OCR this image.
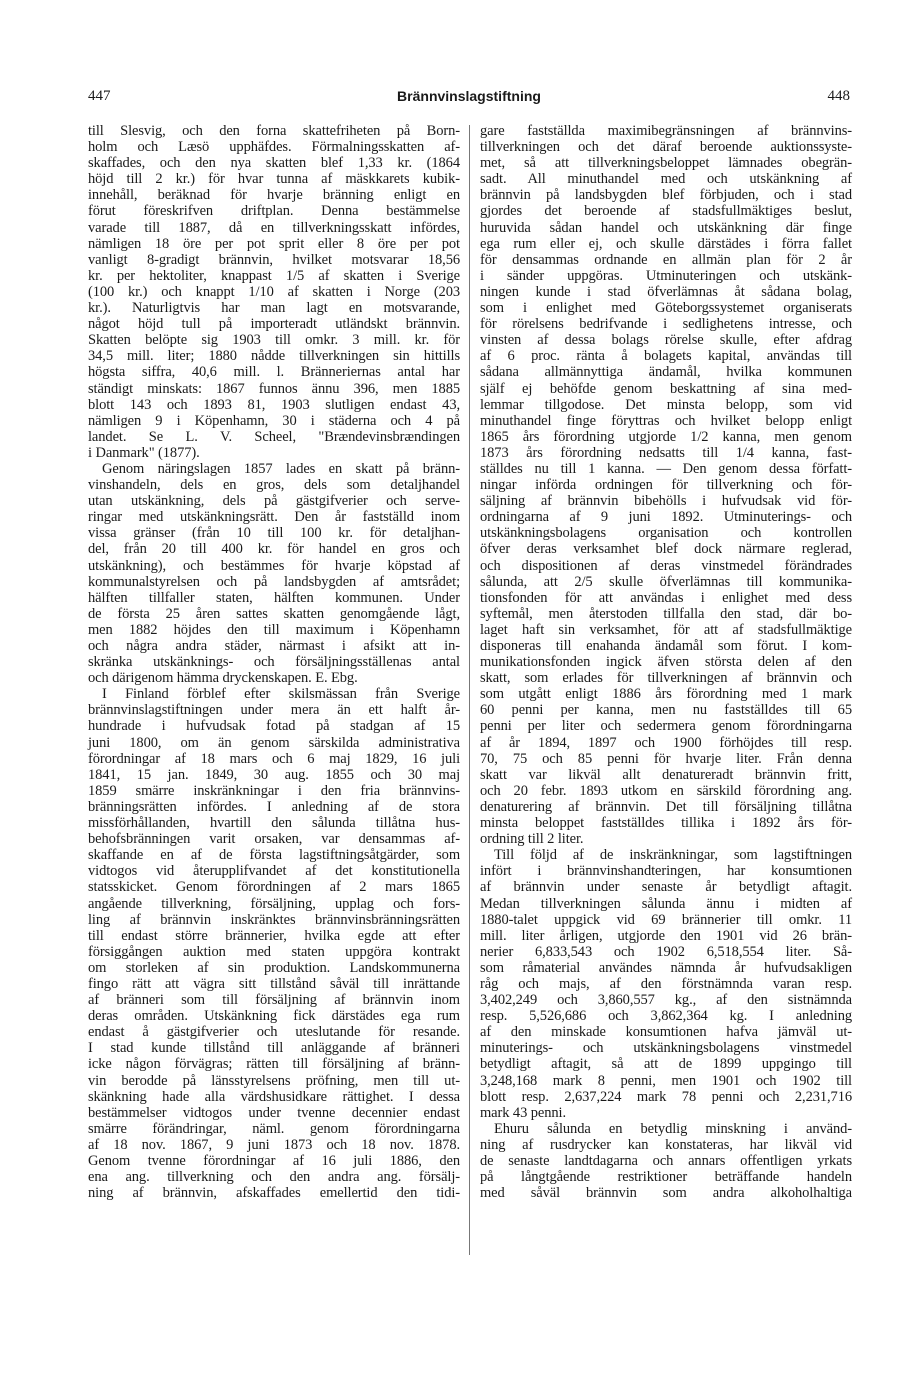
447	Brännvinslagstiftning	448
till Slesvig, och den forna skattefriheten på Born-
holm och Læsö upphäfdes. Förmalningsskatten af-
skaffades, och den nya skatten blef 1,33 kr. (1864
höjd till 2 kr.) för hvar tunna af mäskkarets kubik-
innehåll, beräknad för hvarje bränning enligt en
förut föreskrifven driftplan. Denna bestämmelse
varade till 1887, då en tillverkningsskatt infördes,
nämligen 18 öre per pot sprit eller 8 öre per pot
vanligt 8-gradigt brännvin, hvilket motsvarar 18,56
kr. per hektoliter, knappast 1/5 af skatten i Sverige
(100 kr.) och knappt 1/10 af skatten i Norge (203
kr.). Naturligtvis har man lagt en motsvarande,
något höjd tull på importeradt utländskt brännvin.
Skatten belöpte sig 1903 till omkr. 3 mill. kr. för
34,5 mill. liter; 1880 nådde tillverkningen sin hittills
högsta siffra, 40,6 mill. l. Bränneriernas antal har
ständigt minskats: 1867 funnos ännu 396, men 1885
blott 143 och 1893 81, 1903 slutligen endast 43,
nämligen 9 i Köpenhamn, 30 i städerna och 4 på
landet. Se L. V. Scheel, "Brændevinsbrændingen
i Danmark" (1877).
Genom näringslagen 1857 lades en skatt på bränn-
vinshandeln, dels en gros, dels som detaljhandel
utan utskänkning, dels på gästgifverier och serve-
ringar med utskänkningsrätt. Den år fastställd inom
vissa gränser (från 10 till 100 kr. för detaljhan-
del, från 20 till 400 kr. för handel en gros och
utskänkning), och bestämmes för hvarje köpstad af
kommunalstyrelsen och på landsbygden af amtsrådet;
hälften tillfaller staten, hälften kommunen. Under
de första 25 åren sattes skatten genomgående lågt,
men 1882 höjdes den till maximum i Köpenhamn
och några andra städer, närmast i afsikt att in-
skränka utskänknings- och försäljningsställenas antal
och därigenom hämma dryckenskapen. E. Ebg.
I Finland förblef efter skilsmässan från Sverige
brännvinslagstiftningen under mera än ett halft år-
hundrade i hufvudsak fotad på stadgan af 15
juni 1800, om än genom särskilda administrativa
förordningar af 18 mars och 6 maj 1829, 16 juli
1841, 15 jan. 1849, 30 aug. 1855 och 30 maj
1859 smärre inskränkningar i den fria brännvins-
bränningsrätten infördes. I anledning af de stora
missförhållanden, hvartill den sålunda tillåtna hus-
behofsbränningen varit orsaken, var densammas af-
skaffande en af de första lagstiftningsåtgärder, som
vidtogos vid återupplifvandet af det konstitutionella
statsskicket. Genom förordningen af 2 mars 1865
angående tillverkning, försäljning, upplag och fors-
ling af brännvin inskränktes brännvinsbränningsrätten
till endast större brännerier, hvilka egde att efter
försiggången auktion med staten uppgöra kontrakt
om storleken af sin produktion. Landskommunerna
fingo rätt att vägra sitt tillstånd såväl till inrättande
af bränneri som till försäljning af brännvin inom
deras områden. Utskänkning fick därstädes ega rum
endast å gästgifverier och uteslutande för resande.
I stad kunde tillstånd till anläggande af bränneri
icke någon förvägras; rätten till försäljning af bränn-
vin berodde på länsstyrelsens pröfning, men till ut-
skänkning hade alla värdshusidkare rättighet. I dessa
bestämmelser vidtogos under tvenne decennier endast
smärre förändringar, näml. genom förordningarna
af 18 nov. 1867, 9 juni 1873 och 18 nov. 1878.
Genom tvenne förordningar af 16 juli 1886, den
ena ang. tillverkning och den andra ang. försälj-
ning af brännvin, afskaffades emellertid den tidi-
gare fastställda maximibegränsningen af brännvins-
tillverkningen och det däraf beroende auktionssyste-
met, så att tillverkningsbeloppet lämnades obegrän-
sadt. All minuthandel med och utskänkning af
brännvin på landsbygden blef förbjuden, och i stad
gjordes det beroende af stadsfullmäktiges beslut,
huruvida sådan handel och utskänkning där finge
ega rum eller ej, och skulle därstädes i förra fallet
för densammas ordnande en allmän plan för 2 år
i sänder uppgöras. Utminuteringen och utskänk-
ningen kunde i stad öfverlämnas åt sådana bolag,
som i enlighet med Göteborgssystemet organiserats
för rörelsens bedrifvande i sedlighetens intresse, och
vinsten af dessa bolags rörelse skulle, efter afdrag
af 6 proc. ränta å bolagets kapital, användas till
sådana allmännyttiga ändamål, hvilka kommunen
själf ej behöfde genom beskattning af sina med-
lemmar tillgodose. Det minsta belopp, som vid
minuthandel finge föryttras och hvilket belopp enligt
1865 års förordning utgjorde 1/2 kanna, men genom
1873 års förordning nedsatts till 1/4 kanna, fast-
ställdes nu till 1 kanna. — Den genom dessa författ-
ningar införda ordningen för tillverkning och för-
säljning af brännvin bibehölls i hufvudsak vid för-
ordningarna af 9 juni 1892. Utminuterings- och
utskänkningsbolagens organisation och kontrollen
öfver deras verksamhet blef dock närmare reglerad,
och dispositionen af deras vinstmedel förändrades
sålunda, att 2/5 skulle öfverlämnas till kommunika-
tionsfonden för att användas i enlighet med dess
syftemål, men återstoden tillfalla den stad, där bo-
laget haft sin verksamhet, för att af stadsfullmäktige
disponeras till enahanda ändamål som förut. I kom-
munikationsfonden ingick äfven största delen af den
skatt, som erlades för tillverkningen af brännvin och
som utgått enligt 1886 års förordning med 1 mark
60 penni per kanna, men nu fastställdes till 65
penni per liter och sedermera genom förordningarna
af år 1894, 1897 och 1900 förhöjdes till resp.
70, 75 och 85 penni för hvarje liter. Från denna
skatt var likväl allt denatureradt brännvin fritt,
och 20 febr. 1893 utkom en särskild förordning ang.
denaturering af brännvin. Det till försäljning tillåtna
minsta beloppet fastställdes tillika i 1892 års för-
ordning till 2 liter.
Till följd af de inskränkningar, som lagstiftningen
infört i brännvinshandteringen, har konsumtionen
af brännvin under senaste år betydligt aftagit.
Medan tillverkningen sålunda ännu i midten af
1880-talet uppgick vid 69 brännerier till omkr. 11
mill. liter årligen, utgjorde den 1901 vid 26 brän-
nerier 6,833,543 och 1902 6,518,554 liter. Så-
som råmaterial användes nämnda år hufvudsakligen
råg och majs, af den förstnämnda varan resp.
3,402,249 och 3,860,557 kg., af den sistnämnda
resp. 5,526,686 och 3,862,364 kg. I anledning
af den minskade konsumtionen hafva jämväl ut-
minuterings- och utskänkningsbolagens vinstmedel
betydligt aftagit, så att de 1899 uppgingo till
3,248,168 mark 8 penni, men 1901 och 1902 till
blott resp. 2,637,224 mark 78 penni och 2,231,716
mark 43 penni.
Ehuru sålunda en betydlig minskning i använd-
ning af rusdrycker kan konstateras, har likväl vid
de senaste landtdagarna och annars offentligen yrkats
på långtgående restriktioner beträffande handeln
med såväl brännvin som andra alkoholhaltiga
